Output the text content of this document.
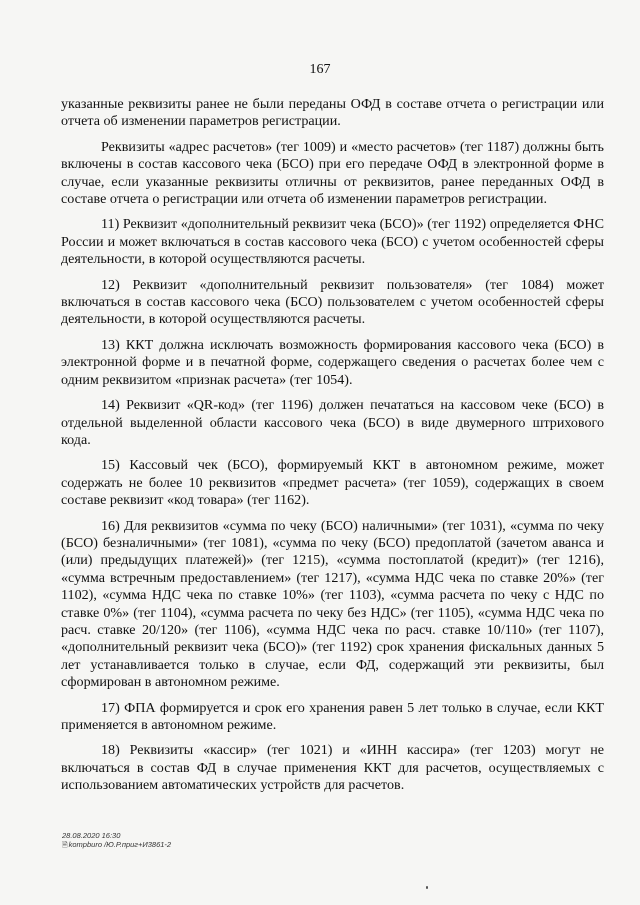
167

указанные реквизиты ранее не были переданы ОФД в составе отчета о регистрации или отчета об изменении параметров регистрации.

Реквизиты «адрес расчетов» (тег 1009) и «место расчетов» (тег 1187) должны быть включены в состав кассового чека (БСО) при его передаче ОФД в электронной форме в случае, если указанные реквизиты отличны от реквизитов, ранее переданных ОФД в составе отчета о регистрации или отчета об изменении параметров регистрации.

11) Реквизит «дополнительный реквизит чека (БСО)» (тег 1192) определяется ФНС России и может включаться в состав кассового чека (БСО) с учетом особенностей сферы деятельности, в которой осуществляются расчеты.

12) Реквизит «дополнительный реквизит пользователя» (тег 1084) может включаться в состав кассового чека (БСО) пользователем с учетом особенностей сферы деятельности, в которой осуществляются расчеты.

13) ККТ должна исключать возможность формирования кассового чека (БСО) в электронной форме и в печатной форме, содержащего сведения о расчетах более чем с одним реквизитом «признак расчета» (тег 1054).

14) Реквизит «QR-код» (тег 1196) должен печататься на кассовом чеке (БСО) в отдельной выделенной области кассового чека (БСО) в виде двумерного штрихового кода.

15) Кассовый чек (БСО), формируемый ККТ в автономном режиме, может содержать не более 10 реквизитов «предмет расчета» (тег 1059), содержащих в своем составе реквизит «код товара» (тег 1162).

16) Для реквизитов «сумма по чеку (БСО) наличными» (тег 1031), «сумма по чеку (БСО) безналичными» (тег 1081), «сумма по чеку (БСО) предоплатой (зачетом аванса и (или) предыдущих платежей)» (тег 1215), «сумма постоплатой (кредит)» (тег 1216), «сумма встречным предоставлением» (тег 1217), «сумма НДС чека по ставке 20%» (тег 1102), «сумма НДС чека по ставке 10%» (тег 1103), «сумма расчета по чеку с НДС по ставке 0%» (тег 1104), «сумма расчета по чеку без НДС» (тег 1105), «сумма НДС чека по расч. ставке 20/120» (тег 1106), «сумма НДС чека по расч. ставке 10/110» (тег 1107), «дополнительный реквизит чека (БСО)» (тег 1192) срок хранения фискальных данных 5 лет устанавливается только в случае, если ФД, содержащий эти реквизиты, был сформирован в автономном режиме.

17) ФПА формируется и срок его хранения равен 5 лет только в случае, если ККТ применяется в автономном режиме.

18) Реквизиты «кассир» (тег 1021) и «ИНН кассира» (тег 1203) могут не включаться в состав ФД в случае применения ККТ для расчетов, осуществляемых с использованием автоматических устройств для расчетов.

28.08.2020 16:30
🗎kompburo /Ю.Р.приг+И3861-2
